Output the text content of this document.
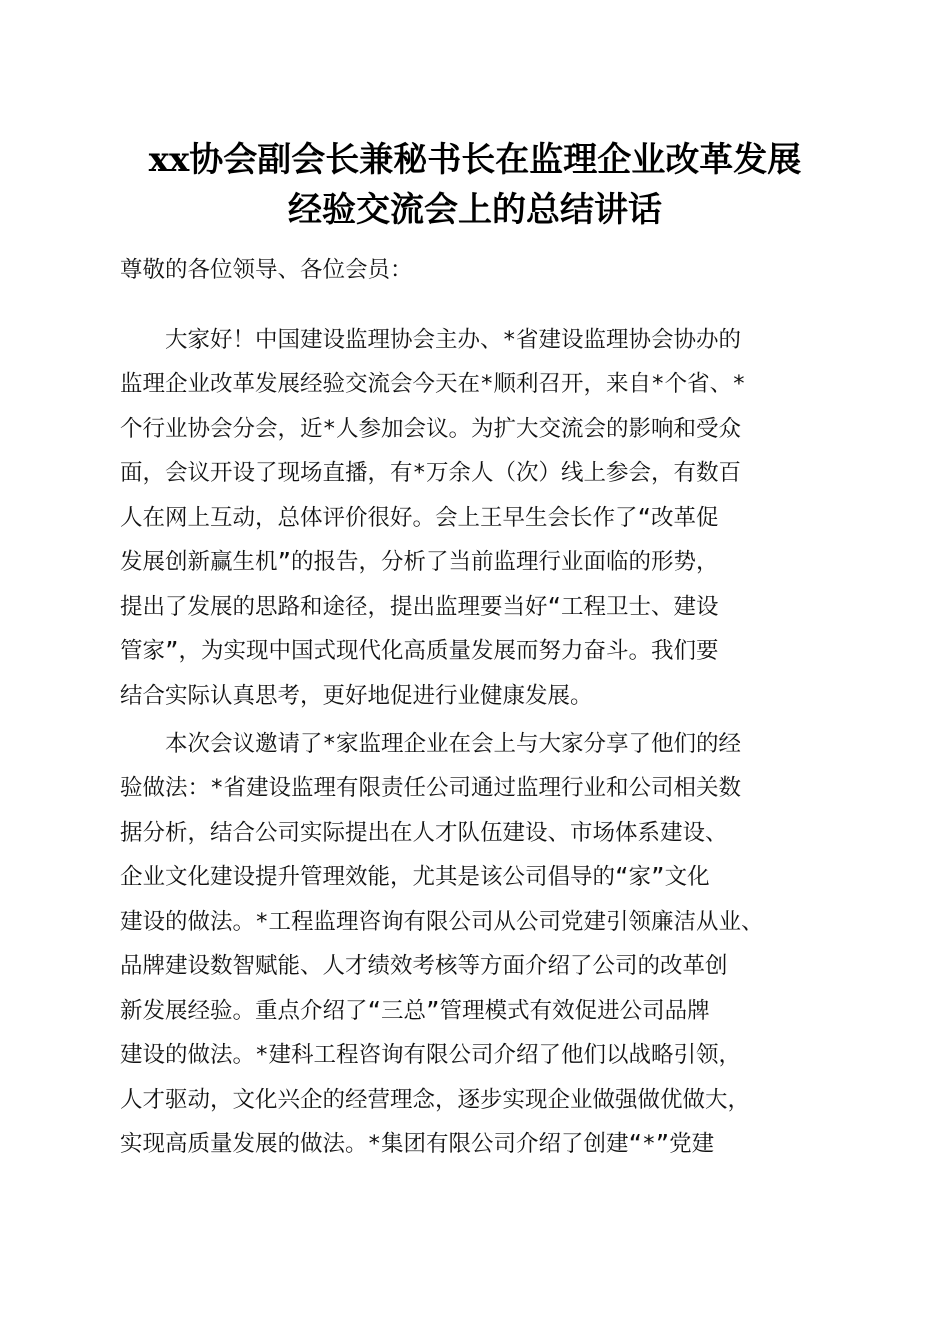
xx协会副会长兼秘书长在监理企业改革发展
经验交流会上的总结讲话

尊敬的各位领导、各位会员：

　　大家好！中国建设监理协会主办、*省建设监理协会协办的

监理企业改革发展经验交流会今天在*顺利召开，来自*个省、*

个行业协会分会，近*人参加会议。为扩大交流会的影响和受众

面，会议开设了现场直播，有*万余人（次）线上参会，有数百

人在网上互动，总体评价很好。会上王早生会长作了“改革促

发展创新赢生机”的报告，分析了当前监理行业面临的形势，

提出了发展的思路和途径，提出监理要当好“工程卫士、建设

管家”，为实现中国式现代化高质量发展而努力奋斗。我们要

结合实际认真思考，更好地促进行业健康发展。

　　本次会议邀请了*家监理企业在会上与大家分享了他们的经

验做法：*省建设监理有限责任公司通过监理行业和公司相关数

据分析，结合公司实际提出在人才队伍建设、市场体系建设、

企业文化建设提升管理效能，尤其是该公司倡导的“家”文化

建设的做法。*工程监理咨询有限公司从公司党建引领廉洁从业、

品牌建设数智赋能、人才绩效考核等方面介绍了公司的改革创

新发展经验。重点介绍了“三总”管理模式有效促进公司品牌

建设的做法。*建科工程咨询有限公司介绍了他们以战略引领，

人才驱动，文化兴企的经营理念，逐步实现企业做强做优做大，

实现高质量发展的做法。*集团有限公司介绍了创建“*”党建
